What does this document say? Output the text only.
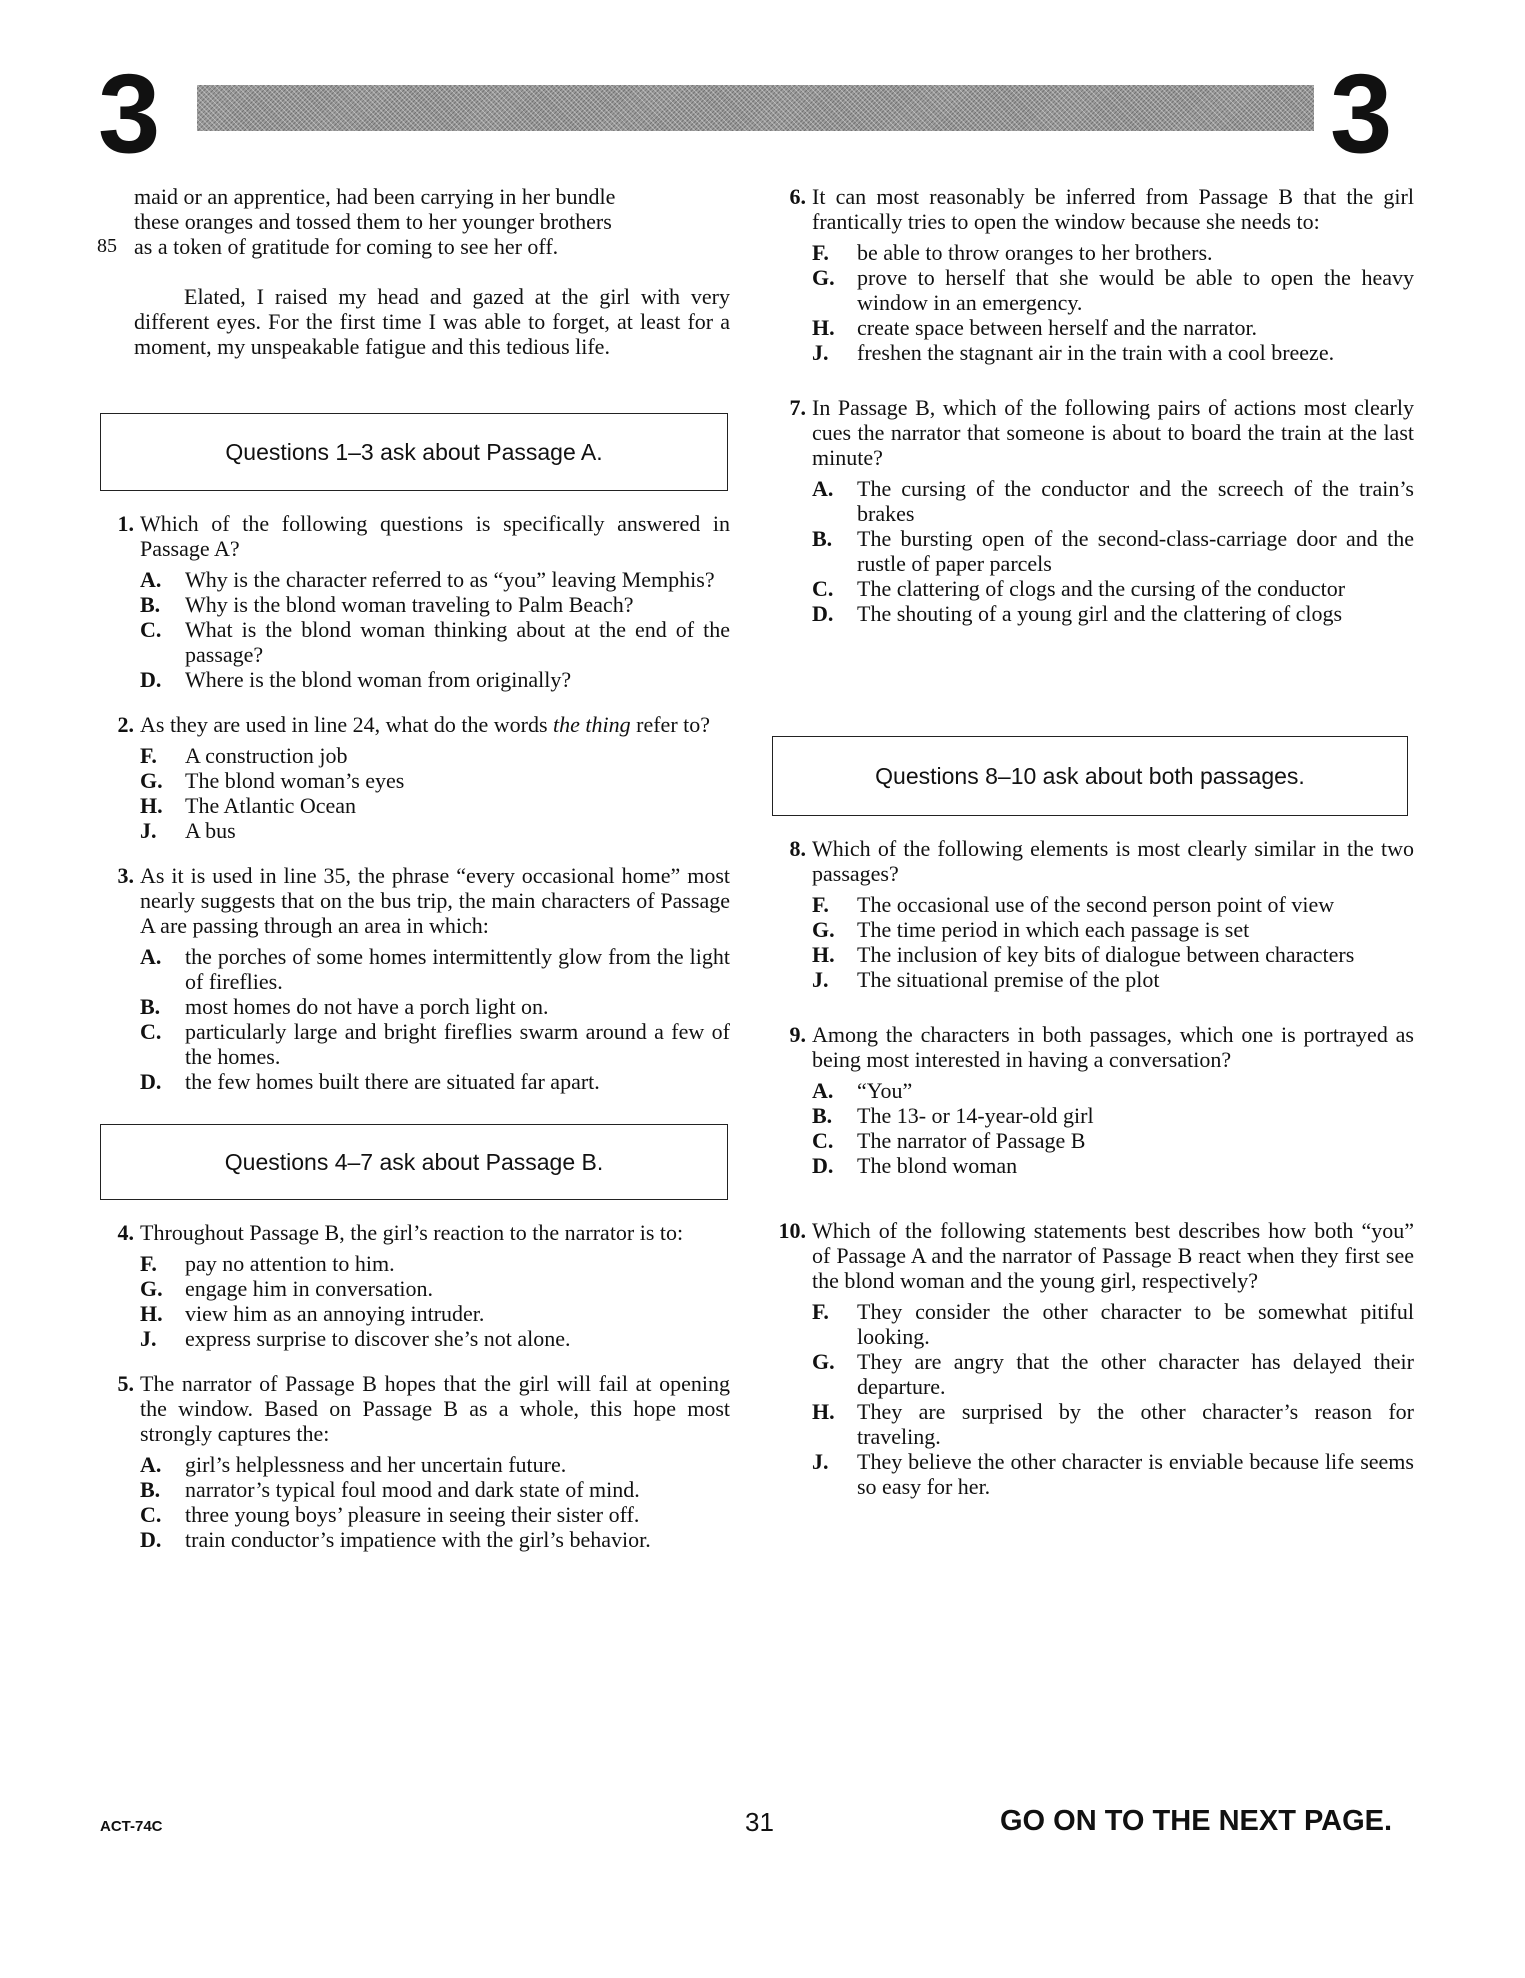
3	3
maid or an apprentice, had been carrying in her bundle
these oranges and tossed them to her younger brothers
85 as a token of gratitude for coming to see her off.
Elated, I raised my head and gazed at the girl with very different eyes. For the first time I was able to forget, at least for a moment, my unspeakable fatigue and this tedious life.
Questions 1–3 ask about Passage A.
1. Which of the following questions is specifically answered in Passage A?
A. Why is the character referred to as “you” leaving Memphis?
B. Why is the blond woman traveling to Palm Beach?
C. What is the blond woman thinking about at the end of the passage?
D. Where is the blond woman from originally?
2. As they are used in line 24, what do the words the thing refer to?
F. A construction job
G. The blond woman’s eyes
H. The Atlantic Ocean
J. A bus
3. As it is used in line 35, the phrase “every occasional home” most nearly suggests that on the bus trip, the main characters of Passage A are passing through an area in which:
A. the porches of some homes intermittently glow from the light of fireflies.
B. most homes do not have a porch light on.
C. particularly large and bright fireflies swarm around a few of the homes.
D. the few homes built there are situated far apart.
Questions 4–7 ask about Passage B.
4. Throughout Passage B, the girl’s reaction to the narrator is to:
F. pay no attention to him.
G. engage him in conversation.
H. view him as an annoying intruder.
J. express surprise to discover she’s not alone.
5. The narrator of Passage B hopes that the girl will fail at opening the window. Based on Passage B as a whole, this hope most strongly captures the:
A. girl’s helplessness and her uncertain future.
B. narrator’s typical foul mood and dark state of mind.
C. three young boys’ pleasure in seeing their sister off.
D. train conductor’s impatience with the girl’s behavior.
6. It can most reasonably be inferred from Passage B that the girl frantically tries to open the window because she needs to:
F. be able to throw oranges to her brothers.
G. prove to herself that she would be able to open the heavy window in an emergency.
H. create space between herself and the narrator.
J. freshen the stagnant air in the train with a cool breeze.
7. In Passage B, which of the following pairs of actions most clearly cues the narrator that someone is about to board the train at the last minute?
A. The cursing of the conductor and the screech of the train’s brakes
B. The bursting open of the second-class-carriage door and the rustle of paper parcels
C. The clattering of clogs and the cursing of the conductor
D. The shouting of a young girl and the clattering of clogs
Questions 8–10 ask about both passages.
8. Which of the following elements is most clearly similar in the two passages?
F. The occasional use of the second person point of view
G. The time period in which each passage is set
H. The inclusion of key bits of dialogue between characters
J. The situational premise of the plot
9. Among the characters in both passages, which one is portrayed as being most interested in having a conversation?
A. “You”
B. The 13- or 14-year-old girl
C. The narrator of Passage B
D. The blond woman
10. Which of the following statements best describes how both “you” of Passage A and the narrator of Passage B react when they first see the blond woman and the young girl, respectively?
F. They consider the other character to be somewhat pitiful looking.
G. They are angry that the other character has delayed their departure.
H. They are surprised by the other character’s reason for traveling.
J. They believe the other character is enviable because life seems so easy for her.
ACT-74C	31	GO ON TO THE NEXT PAGE.
